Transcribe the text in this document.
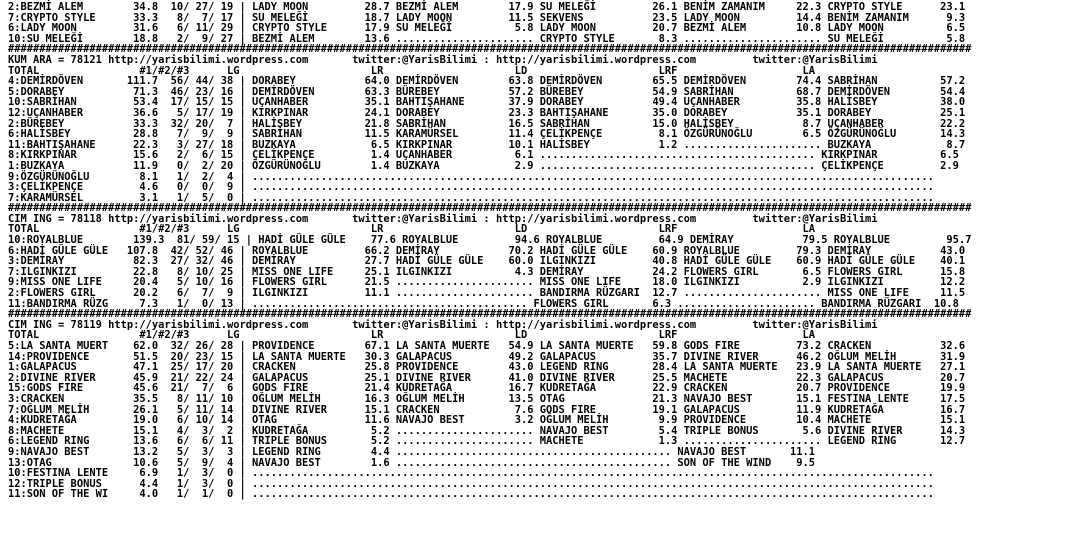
2:BEZMİ ALEM        34.8  10/ 27/ 19 | LADY MOON         28.7 BEZMİ ALEM        17.9 SU MELEĞİ         26.1 BENİM ZAMANIM     22.3 CRYPTO STYLE      23.1
7:CRYPTO STYLE      33.3   8/  7/ 17 | SU MELEĞİ         18.7 LADY MOON         11.5 SEKVENS           23.5 LADY MOON         14.4 BENİM ZAMANIM      9.3
6:LADY MOON         31.6   6/ 11/ 29 | CRYPTO STYLE      17.9 SU MELEĞİ          5.8 LADY MOON         20.7 BEZMİ ALEM        10.8 LADY MOON          6.5
10:SU MELEĞİ        18.8   2/  9/ 27 | BEZMİ ALEM        13.6 ...................... CRYPTO STYLE       8.3 ...................... SU MELEĞİ          5.8
##########################################################################################################################################################
KUM ARA = 78121 http://yarisbilimi.wordpress.com       twitter:@YarisBilimi : http://yarisbilimi.wordpress.com         twitter:@YarisBilimi
TOTAL                #1/#2/#3      LG                     LR                     LD                     LRF                    LA
4:DEMİRDÖVEN       111.7  56/ 44/ 38 | DORABEY           64.0 DEMİRDÖVEN        63.8 DEMİRDÖVEN        65.5 DEMİRDÖVEN        74.4 SABRİHAN          57.2
5:DORABEY           71.3  46/ 23/ 16 | DEMİRDÖVEN        63.3 BÜREBEY           57.2 BÜREBEY           54.9 SABRİHAN          68.7 DEMİRDÖVEN        54.4
10:SABRİHAN         53.4  17/ 15/ 15 | UÇANHABER         35.1 BAHTIŞAHANE       37.9 DORABEY           49.4 UÇANHABER         35.8 HALİSBEY          38.0
12:UÇANHABER        36.6   5/ 17/ 19 | KIRKPINAR         24.1 DORABEY           23.3 BAHTIŞAHANE       35.0 DORABEY           35.1 DORABEY           25.1
2:BÜREBEY           33.3  32/ 20/  7 | HALİSBEY          21.8 SABRİHAN          16.5 SABRİHAN          15.0 HALİSBEY           8.7 UÇANHABER         22.2
6:HALİSBEY          28.8   7/  9/  9 | SABRİHAN          11.5 KARAMÜRSEL        11.4 ÇELİKPENÇE         8.1 ÖZGÜRÜNOĞLU        6.5 ÖZGÜRÜNOĞLU       14.3
11:BAHTIŞAHANE      22.3   3/ 27/ 18 | BUZKAYA            6.5 KIRKPINAR         10.1 HALİSBEY           1.2 ...................... BUZKAYA            8.7
8:KIRKPINAR         15.6   2/  6/ 15 | ÇELİKPENÇE         1.4 UÇANHABER          6.1 ............................................ KIRKPINAR          6.5
1:BUZKAYA           11.9   0/  2/ 20 | ÖZGÜRÜNOĞLU        1.4 BUZKAYA            2.9 ............................................ ÇELİKPENÇE         2.9
9:ÖZGÜRÜNOĞLU        8.1   1/  2/  4 | .............................................................................................................
3:ÇELİKPENÇE         4.6   0/  0/  9 | .............................................................................................................
7:KARAMÜRSEL         3.1   1/  5/  0 | .............................................................................................................
##########################################################################################################################################################
CIM ING = 78118 http://yarisbilimi.wordpress.com       twitter:@YarisBilimi : http://yarisbilimi.wordpress.com         twitter:@YarisBilimi
TOTAL                #1/#2/#3      LG                     LR                     LD                     LRF                    LA
10:ROYALBLUE        139.3  81/ 59/ 15 | HADİ GÜLE GÜLE    77.6 ROYALBLUE         94.6 ROYALBLUE         64.9 DEMİRAY           79.5 ROYALBLUE         95.7
6:HADİ GÜLE GÜLE   107.8  42/ 52/ 46 | ROYALBLUE         66.2 DEMİRAY           70.2 HADİ GÜLE GÜLE    60.9 ROYALBLUE         79.3 DEMİRAY           43.0
3:DEMİRAY           82.3  27/ 32/ 46 | DEMİRAY           27.7 HADİ GÜLE GÜLE    60.0 ILGINKIZI         40.8 HADİ GÜLE GÜLE    60.9 HADİ GÜLE GÜLE    40.1
7:ILGINKIZI         22.8   8/ 10/ 25 | MISS ONE LIFE     25.1 ILGINKIZI          4.3 DEMİRAY           24.2 FLOWERS GIRL       6.5 FLOWERS GIRL      15.8
9:MISS ONE LIFE     20.4   5/ 10/ 16 | FLOWERS GIRL      21.5 ...................... MISS ONE LIFE     18.0 ILGINKIZI          2.9 ILGINKIZI         12.2
2:FLOWERS GIRL      20.2   6/  7/  9 | ILGINKIZI         11.1 ...................... BANDIRMA RÜZGARI  12.7 ...................... MISS ONE LIFE     11.5
11:BANDIRMA RÜZG     7.3   1/  0/ 13 | ............................................ FLOWERS GIRL       6.3 ...................... BANDIRMA RÜZGARI  10.8
##########################################################################################################################################################
CIM ING = 78119 http://yarisbilimi.wordpress.com       twitter:@YarisBilimi : http://yarisbilimi.wordpress.com         twitter:@YarisBilimi
TOTAL                #1/#2/#3      LG                     LR                     LD                     LRF                    LA
5:LA SANTA MUERT    62.0  32/ 26/ 28 | PROVIDENCE        67.1 LA SANTA MUERTE   54.9 LA SANTA MUERTE   59.8 GODS FIRE         73.2 CRACKEN           32.6
14:PROVIDENCE       51.5  20/ 23/ 15 | LA SANTA MUERTE   30.3 GALAPACUS         49.2 GALAPACUS         35.7 DIVINE RIVER      46.2 OĞLUM MELİH       31.9
1:GALAPACUS         47.1  25/ 17/ 20 | CRACKEN           25.8 PROVIDENCE        43.0 LEGEND RING       28.4 LA SANTA MUERTE   23.9 LA SANTA MUERTE   27.1
2:DIVINE RIVER      45.9  21/ 22/ 24 | GALAPACUS         25.1 DIVINE RIVER      41.0 DIVINE RIVER      25.5 MACHETE           22.3 GALAPACUS         20.7
15:GODS FIRE        45.6  21/  7/  6 | GODS FIRE         21.4 KUDRETAĞA         16.7 KUDRETAĞA         22.9 CRACKEN           20.7 PROVIDENCE        19.9
3:CRACKEN           35.5   8/ 11/ 10 | OĞLUM MELİH       16.3 OĞLUM MELİH       13.5 OTAG              21.3 NAVAJO BEST       15.1 FESTINA LENTE     17.5
7:OĞLUM MELİH       26.1   5/ 11/ 14 | DIVINE RIVER      15.1 CRACKEN            7.6 GODS FIRE         19.1 GALAPACUS         11.9 KUDRETAĞA         16.7
4:KUDRETAĞA         19.0   6/ 10/ 14 | OTAG              11.6 NAVAJO BEST        3.2 OĞLUM MELİH        9.9 PROVIDENCE        10.4 MACHETE           15.1
8:MACHETE           15.1   4/  3/  2 | KUDRETAĞA          5.2 ...................... NAVAJO BEST        5.4 TRIPLE BONUS       5.6 DIVINE RIVER      14.3
6:LEGEND RING       13.6   6/  6/ 11 | TRIPLE BONUS       5.2 ...................... MACHETE            1.3 ...................... LEGEND RING       12.7
9:NAVAJO BEST       13.2   5/  3/  3 | LEGEND RING        4.4 ............................................ NAVAJO BEST       11.1
13:OTAG             10.6   5/  9/  4 | NAVAJO BEST        1.6 ............................................ SON OF THE WIND    9.5
10:FESTINA LENTE     6.9   1/  3/  0 | .............................................................................................................
12:TRIPLE BONUS      4.4   1/  3/  0 | .............................................................................................................
11:SON OF THE WI     4.0   1/  1/  0 | .............................................................................................................
